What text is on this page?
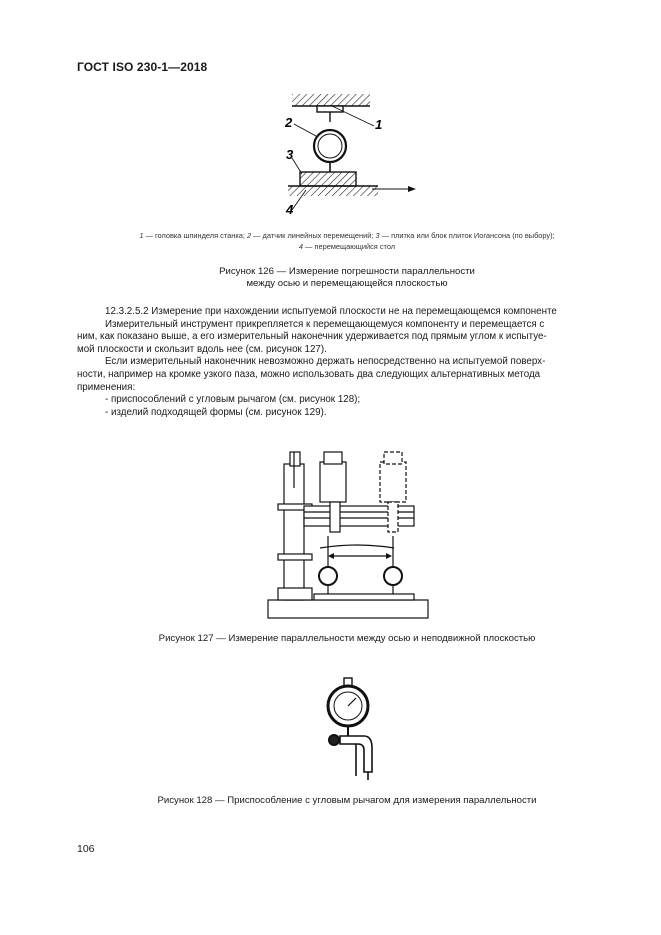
ГОСТ ISO 230-1—2018
1
2
3
4
1 — головка шпинделя станка; 2 — датчик линейных перемещений; 3 — плитка или блок плиток Иогансона (по выбору);
4 — перемещающийся стол
Рисунок 126 — Измерение погрешности параллельности
между осью и перемещающейся плоскостью
12.3.2.5.2 Измерение при нахождении испытуемой плоскости не на перемещающемся компоненте
Измерительный инструмент прикрепляется к перемещающемуся компоненту и перемещается с
ним, как показано выше, а его измерительный наконечник удерживается под прямым углом к испытуе-
мой плоскости и скользит вдоль нее (см. рисунок 127).
Если измерительный наконечник невозможно держать непосредственно на испытуемой поверх-
ности, например на кромке узкого паза, можно использовать два следующих альтернативных метода
применения:
- приспособлений с угловым рычагом (см. рисунок 128);
- изделий подходящей формы (см. рисунок 129).
Рисунок 127 — Измерение параллельности между осью и неподвижной плоскостью
Рисунок 128 — Приспособление с угловым рычагом для измерения параллельности
106
